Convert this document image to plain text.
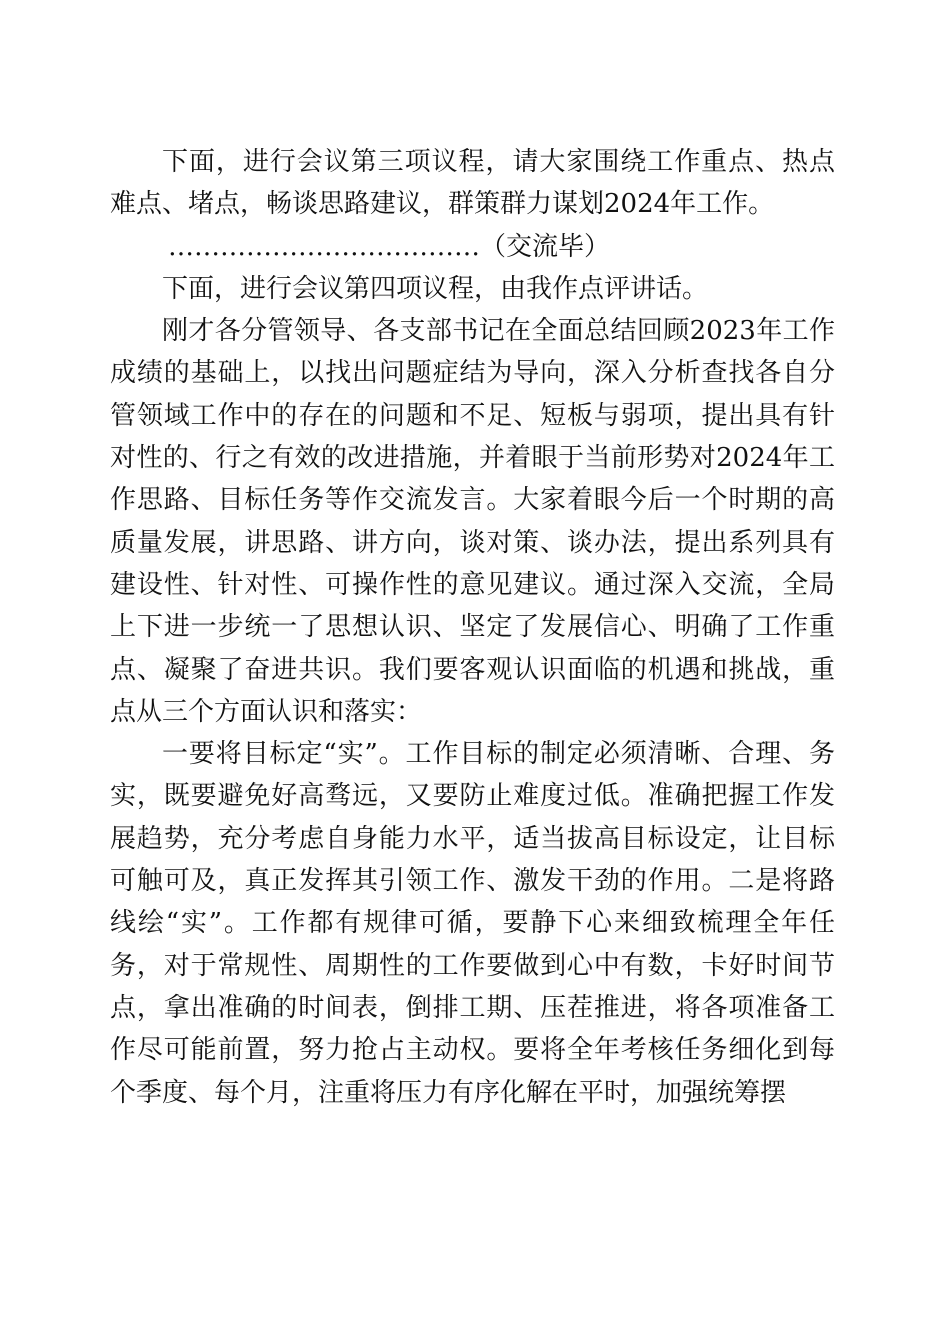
下面，进行会议第三项议程，请大家围绕工作重点、热点难点、堵点，畅谈思路建议，群策群力谋划2024年工作。

………………………………（交流毕）

下面，进行会议第四项议程，由我作点评讲话。

刚才各分管领导、各支部书记在全面总结回顾2023年工作成绩的基础上，以找出问题症结为导向，深入分析查找各自分管领域工作中的存在的问题和不足、短板与弱项，提出具有针对性的、行之有效的改进措施，并着眼于当前形势对2024年工作思路、目标任务等作交流发言。大家着眼今后一个时期的高质量发展，讲思路、讲方向，谈对策、谈办法，提出系列具有建设性、针对性、可操作性的意见建议。通过深入交流，全局上下进一步统一了思想认识、坚定了发展信心、明确了工作重点、凝聚了奋进共识。我们要客观认识面临的机遇和挑战，重点从三个方面认识和落实：

一要将目标定“实”。工作目标的制定必须清晰、合理、务实，既要避免好高骛远，又要防止难度过低。准确把握工作发展趋势，充分考虑自身能力水平，适当拔高目标设定，让目标可触可及，真正发挥其引领工作、激发干劲的作用。二是将路线绘“实”。工作都有规律可循，要静下心来细致梳理全年任务，对于常规性、周期性的工作要做到心中有数，卡好时间节点，拿出准确的时间表，倒排工期、压茬推进，将各项准备工作尽可能前置，努力抢占主动权。要将全年考核任务细化到每个季度、每个月，注重将压力有序化解在平时，加强统筹摆
